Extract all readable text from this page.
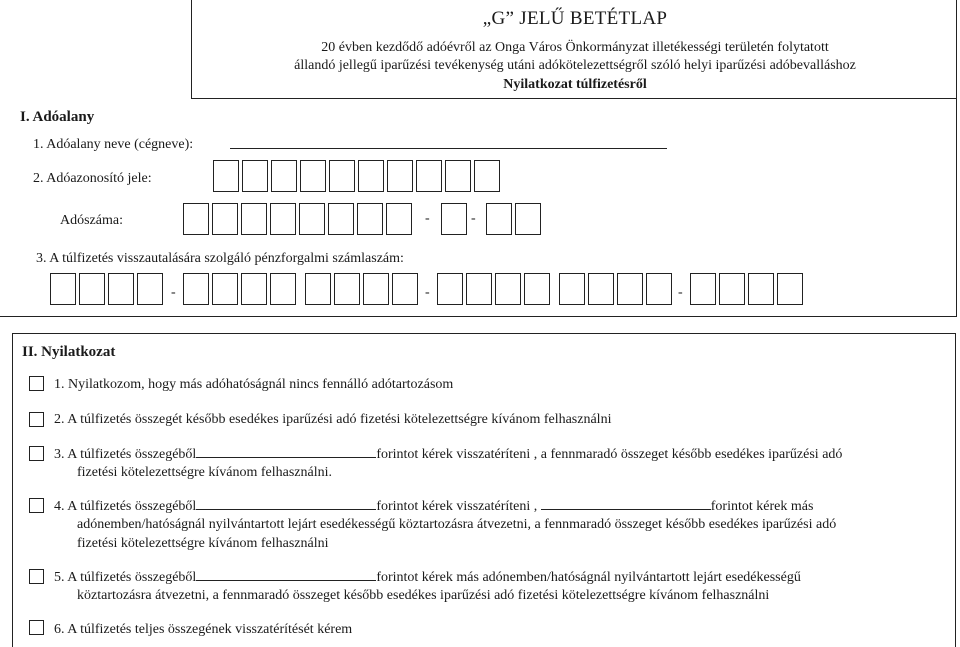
„G” JELŰ BETÉTLAP
20 évben kezdődő adóévről az Onga Város Önkormányzat illetékességi területén folytatott
állandó jellegű iparűzési tevékenység utáni adókötelezettségről szóló helyi iparűzési adóbevalláshoz
Nyilatkozat túlfizetésről
I. Adóalany
1. Adóalany neve (cégneve):
2. Adóazonosító jele:
Adószáma:	-	-
3. A túlfizetés visszautalására szolgáló pénzforgalmi számlaszám:
-	-	-
II. Nyilatkozat
1. Nyilatkozom, hogy más adóhatóságnál nincs fennálló adótartozásom
2. A túlfizetés összegét később esedékes iparűzési adó fizetési kötelezettségre kívánom felhasználni
3. A túlfizetés összegéből	forintot kérek visszatéríteni , a fennmaradó összeget később esedékes iparűzési adó
fizetési kötelezettségre kívánom felhasználni.
4. A túlfizetés összegéből	forintot kérek visszatéríteni ,	forintot kérek más
adónemben/hatóságnál nyilvántartott lejárt esedékességű köztartozásra átvezetni, a fennmaradó összeget később esedékes iparűzési adó
fizetési kötelezettségre kívánom felhasználni
5. A túlfizetés összegéből	forintot kérek más adónemben/hatóságnál nyilvántartott lejárt esedékességű
köztartozásra átvezetni, a fennmaradó összeget később esedékes iparűzési adó fizetési kötelezettségre kívánom felhasználni
6. A túlfizetés teljes összegének visszatérítését kérem
